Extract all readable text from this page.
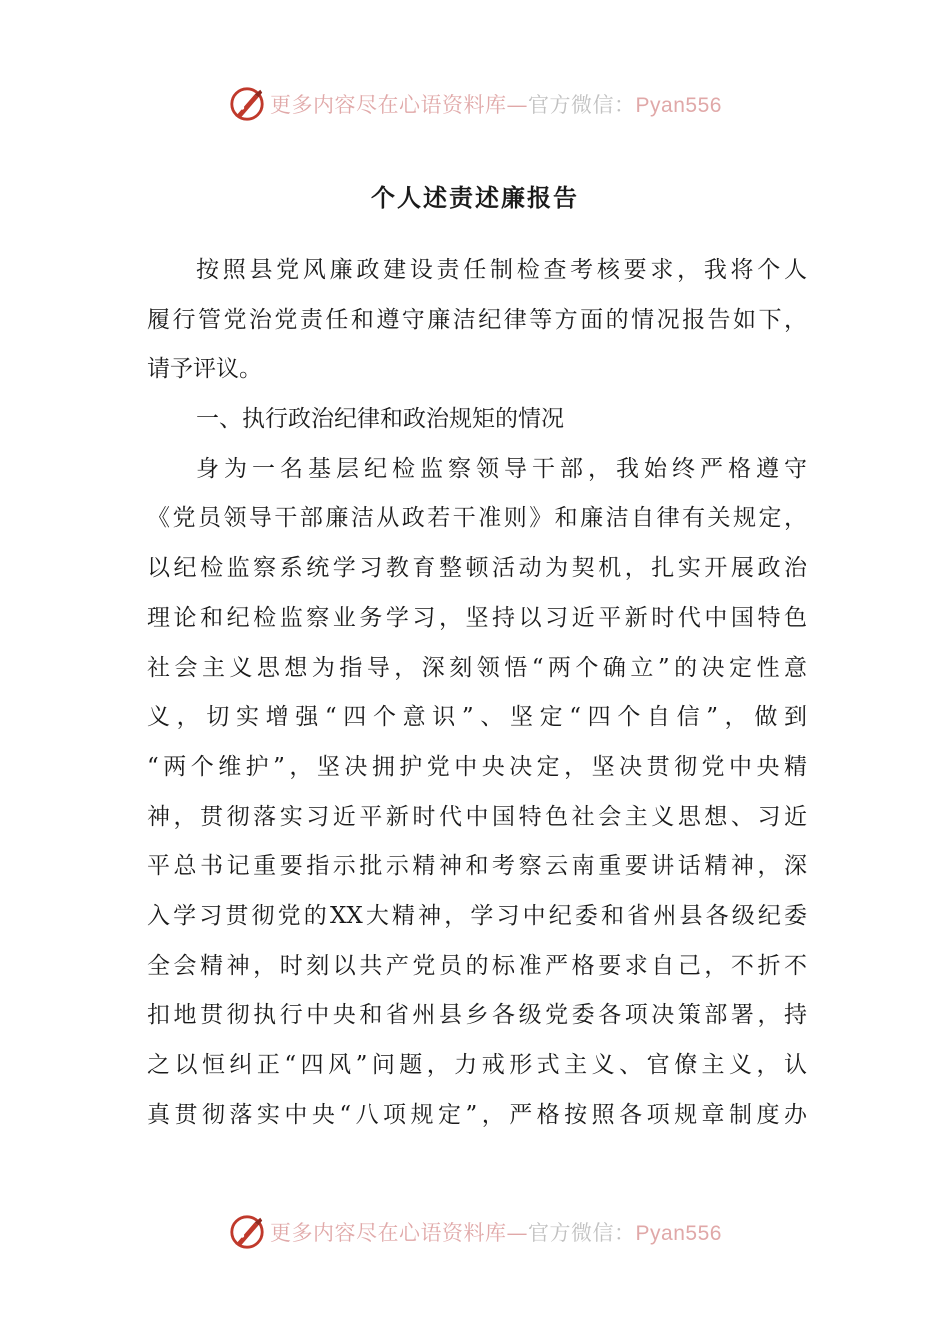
更多内容尽在心语资料库—官方微信：Pyan556
个人述责述廉报告
按照县党风廉政建设责任制检查考核要求，我将个人
履行管党治党责任和遵守廉洁纪律等方面的情况报告如下，
请予评议。
一、执行政治纪律和政治规矩的情况
身为一名基层纪检监察领导干部，我始终严格遵守
《党员领导干部廉洁从政若干准则》和廉洁自律有关规定，
以纪检监察系统学习教育整顿活动为契机，扎实开展政治
理论和纪检监察业务学习，坚持以习近平新时代中国特色
社会主义思想为指导，深刻领悟“两个确立”的决定性意
义，切实增强“四个意识”、坚定“四个自信”，做到
“两个维护”，坚决拥护党中央决定，坚决贯彻党中央精
神，贯彻落实习近平新时代中国特色社会主义思想、习近
平总书记重要指示批示精神和考察云南重要讲话精神，深
入学习贯彻党的XX大精神，学习中纪委和省州县各级纪委
全会精神，时刻以共产党员的标准严格要求自己，不折不
扣地贯彻执行中央和省州县乡各级党委各项决策部署，持
之以恒纠正“四风”问题，力戒形式主义、官僚主义，认
真贯彻落实中央“八项规定”，严格按照各项规章制度办
更多内容尽在心语资料库—官方微信：Pyan556
